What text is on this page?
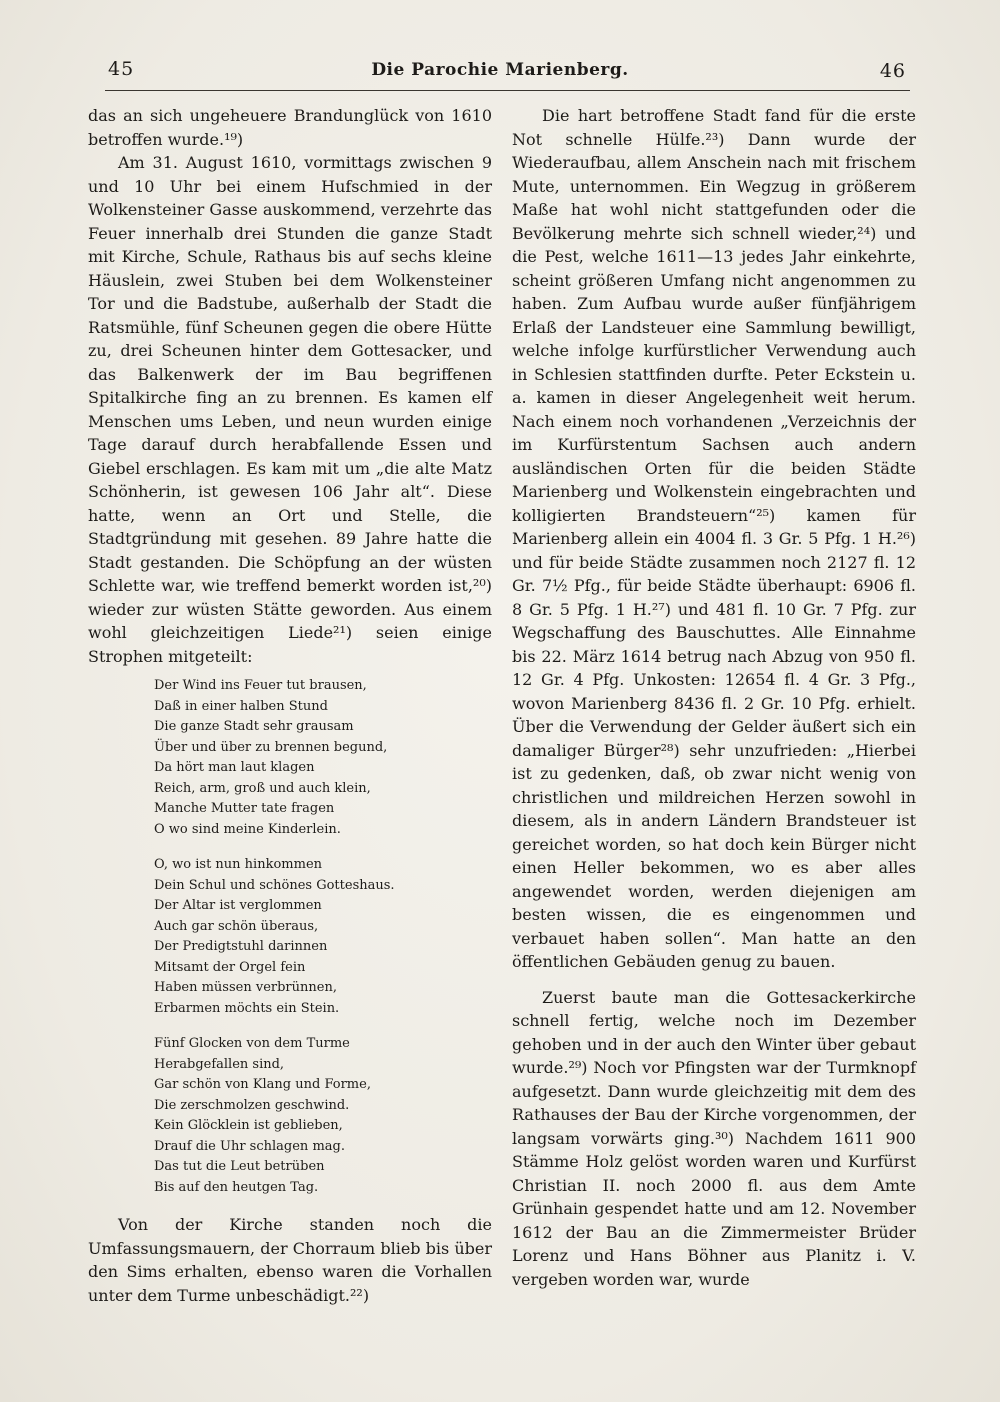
45	Die Parochie Marienberg.	46

das an sich ungeheuere Brandunglück von 1610 betroffen wurde.¹⁹)

Am 31. August 1610, vormittags zwischen 9 und 10 Uhr bei einem Hufschmied in der Wolkensteiner Gasse auskommend, verzehrte das Feuer innerhalb drei Stunden die ganze Stadt mit Kirche, Schule, Rathaus bis auf sechs kleine Häuslein, zwei Stuben bei dem Wolkensteiner Tor und die Badstube, außerhalb der Stadt die Ratsmühle, fünf Scheunen gegen die obere Hütte zu, drei Scheunen hinter dem Gottesacker, und das Balkenwerk der im Bau begriffenen Spitalkirche fing an zu brennen. Es kamen elf Menschen ums Leben, und neun wurden einige Tage darauf durch herabfallende Essen und Giebel erschlagen. Es kam mit um „die alte Matz Schönherin, ist gewesen 106 Jahr alt“. Diese hatte, wenn an Ort und Stelle, die Stadtgründung mit gesehen. 89 Jahre hatte die Stadt gestanden. Die Schöpfung an der wüsten Schlette war, wie treffend bemerkt worden ist,²⁰) wieder zur wüsten Stätte geworden. Aus einem wohl gleichzeitigen Liede²¹) seien einige Strophen mitgeteilt:

Der Wind ins Feuer tut brausen,
Daß in einer halben Stund
Die ganze Stadt sehr grausam
Über und über zu brennen begund,
Da hört man laut klagen
Reich, arm, groß und auch klein,
Manche Mutter tate fragen
O wo sind meine Kinderlein.
O, wo ist nun hinkommen
Dein Schul und schönes Gotteshaus.
Der Altar ist verglommen
Auch gar schön überaus,
Der Predigtstuhl darinnen
Mitsamt der Orgel fein
Haben müssen verbrünnen,
Erbarmen möchts ein Stein.
Fünf Glocken von dem Turme
Herabgefallen sind,
Gar schön von Klang und Forme,
Die zerschmolzen geschwind.
Kein Glöcklein ist geblieben,
Drauf die Uhr schlagen mag.
Das tut die Leut betrüben
Bis auf den heutgen Tag.

Von der Kirche standen noch die Umfassungsmauern, der Chorraum blieb bis über den Sims erhalten, ebenso waren die Vorhallen unter dem Turme unbeschädigt.²²)

Die hart betroffene Stadt fand für die erste Not schnelle Hülfe.²³) Dann wurde der Wiederaufbau, allem Anschein nach mit frischem Mute, unternommen. Ein Wegzug in größerem Maße hat wohl nicht stattgefunden oder die Bevölkerung mehrte sich schnell wieder,²⁴) und die Pest, welche 1611—13 jedes Jahr einkehrte, scheint größeren Umfang nicht angenommen zu haben. Zum Aufbau wurde außer fünfjährigem Erlaß der Landsteuer eine Sammlung bewilligt, welche infolge kurfürstlicher Verwendung auch in Schlesien stattfinden durfte. Peter Eckstein u. a. kamen in dieser Angelegenheit weit herum. Nach einem noch vorhandenen „Verzeichnis der im Kurfürstentum Sachsen auch andern ausländischen Orten für die beiden Städte Marienberg und Wolkenstein eingebrachten und kolligierten Brandsteuern“²⁵) kamen für Marienberg allein ein 4004 fl. 3 Gr. 5 Pfg. 1 H.²⁶) und für beide Städte zusammen noch 2127 fl. 12 Gr. 7½ Pfg., für beide Städte überhaupt: 6906 fl. 8 Gr. 5 Pfg. 1 H.²⁷) und 481 fl. 10 Gr. 7 Pfg. zur Wegschaffung des Bauschuttes. Alle Einnahme bis 22. März 1614 betrug nach Abzug von 950 fl. 12 Gr. 4 Pfg. Unkosten: 12654 fl. 4 Gr. 3 Pfg., wovon Marienberg 8436 fl. 2 Gr. 10 Pfg. erhielt. Über die Verwendung der Gelder äußert sich ein damaliger Bürger²⁸) sehr unzufrieden: „Hierbei ist zu gedenken, daß, ob zwar nicht wenig von christlichen und mildreichen Herzen sowohl in diesem, als in andern Ländern Brandsteuer ist gereichet worden, so hat doch kein Bürger nicht einen Heller bekommen, wo es aber alles angewendet worden, werden diejenigen am besten wissen, die es eingenommen und verbauet haben sollen“. Man hatte an den öffentlichen Gebäuden genug zu bauen.

Zuerst baute man die Gottesackerkirche schnell fertig, welche noch im Dezember gehoben und in der auch den Winter über gebaut wurde.²⁹) Noch vor Pfingsten war der Turmknopf aufgesetzt. Dann wurde gleichzeitig mit dem des Rathauses der Bau der Kirche vorgenommen, der langsam vorwärts ging.³⁰) Nachdem 1611 900 Stämme Holz gelöst worden waren und Kurfürst Christian II. noch 2000 fl. aus dem Amte Grünhain gespendet hatte und am 12. November 1612 der Bau an die Zimmermeister Brüder Lorenz und Hans Böhner aus Planitz i. V. vergeben worden war, wurde
